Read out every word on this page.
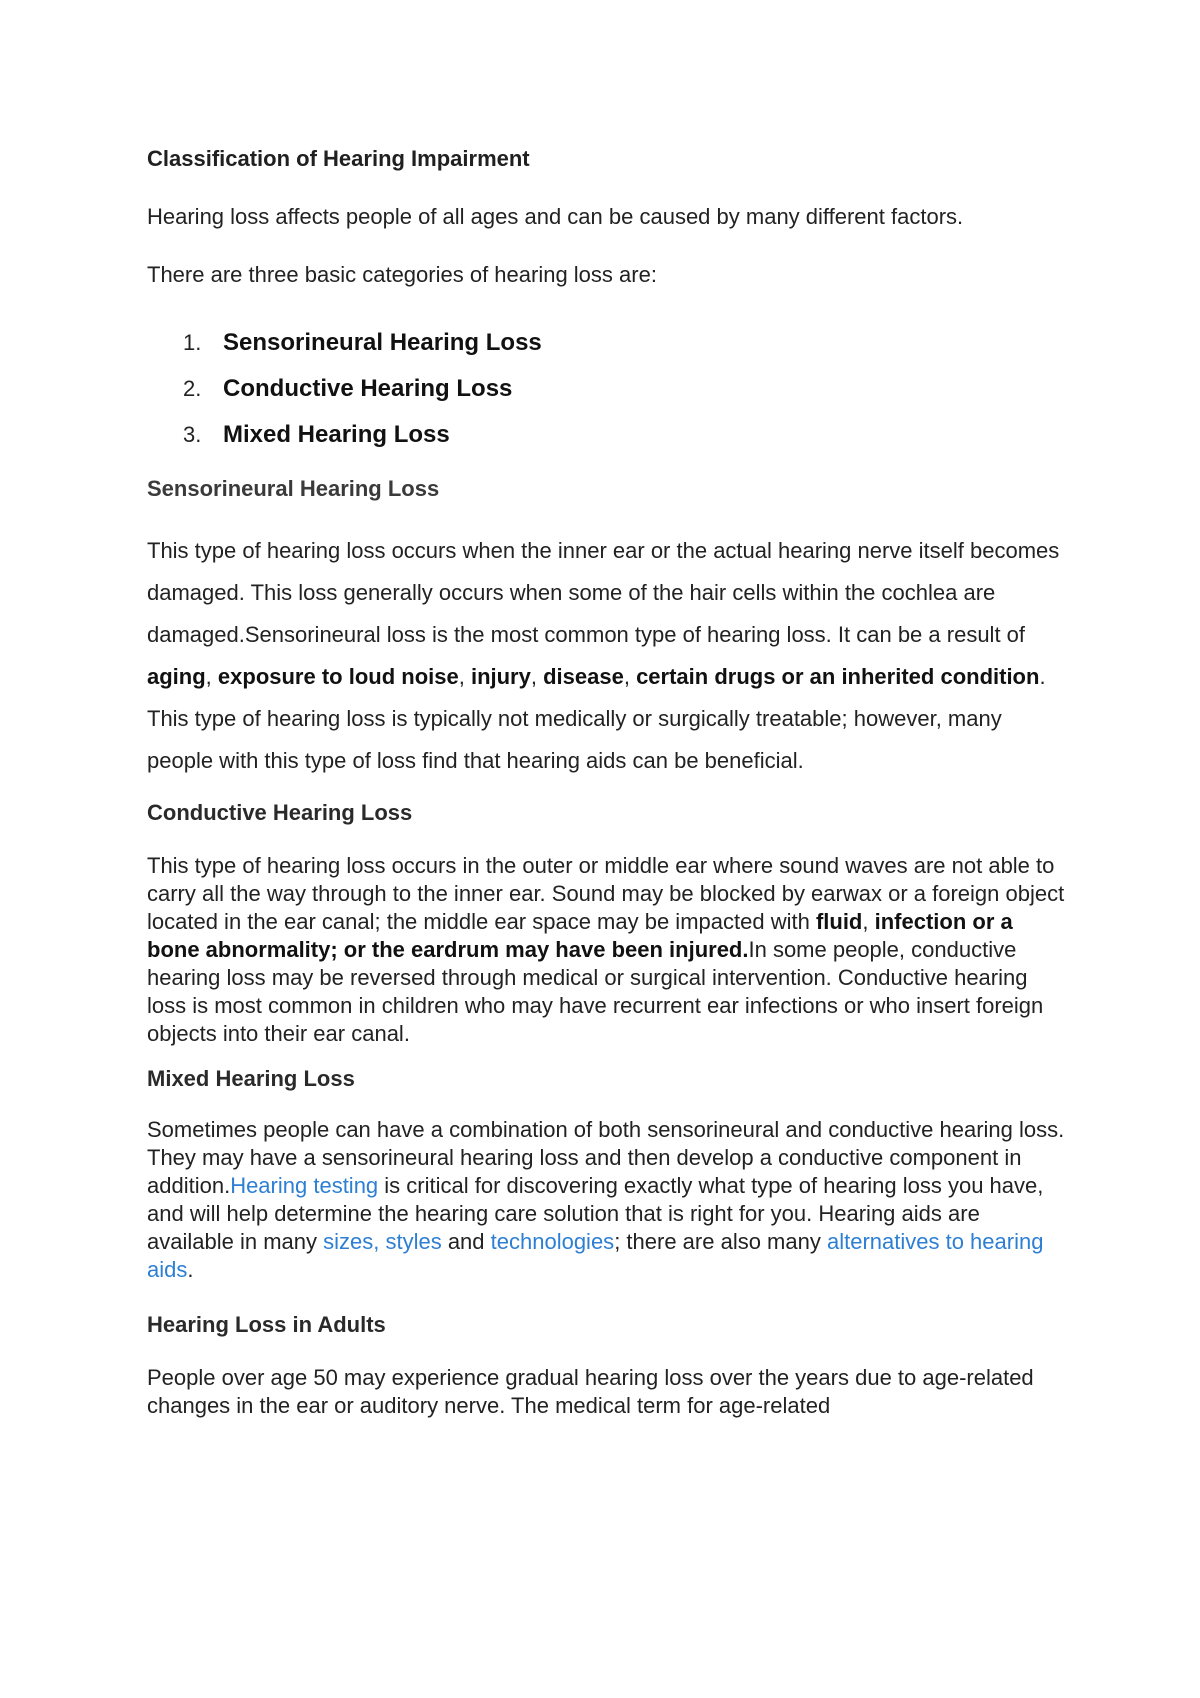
Classification of Hearing Impairment

Hearing loss affects people of all ages and can be caused by many different factors.

There are three basic categories of hearing loss are:

1. Sensorineural Hearing Loss
2. Conductive Hearing Loss
3. Mixed Hearing Loss

Sensorineural Hearing Loss

This type of hearing loss occurs when the inner ear or the actual hearing nerve itself becomes damaged. This loss generally occurs when some of the hair cells within the cochlea are damaged.Sensorineural loss is the most common type of hearing loss. It can be a result of aging, exposure to loud noise, injury, disease, certain drugs or an inherited condition. This type of hearing loss is typically not medically or surgically treatable; however, many people with this type of loss find that hearing aids can be beneficial.

Conductive Hearing Loss

This type of hearing loss occurs in the outer or middle ear where sound waves are not able to carry all the way through to the inner ear. Sound may be blocked by earwax or a foreign object located in the ear canal; the middle ear space may be impacted with fluid, infection or a bone abnormality; or the eardrum may have been injured.In some people, conductive hearing loss may be reversed through medical or surgical intervention. Conductive hearing loss is most common in children who may have recurrent ear infections or who insert foreign objects into their ear canal.

Mixed Hearing Loss

Sometimes people can have a combination of both sensorineural and conductive hearing loss. They may have a sensorineural hearing loss and then develop a conductive component in addition.Hearing testing is critical for discovering exactly what type of hearing loss you have, and will help determine the hearing care solution that is right for you. Hearing aids are available in many sizes, styles and technologies; there are also many alternatives to hearing aids.

Hearing Loss in Adults

People over age 50 may experience gradual hearing loss over the years due to age-related changes in the ear or auditory nerve. The medical term for age-related
